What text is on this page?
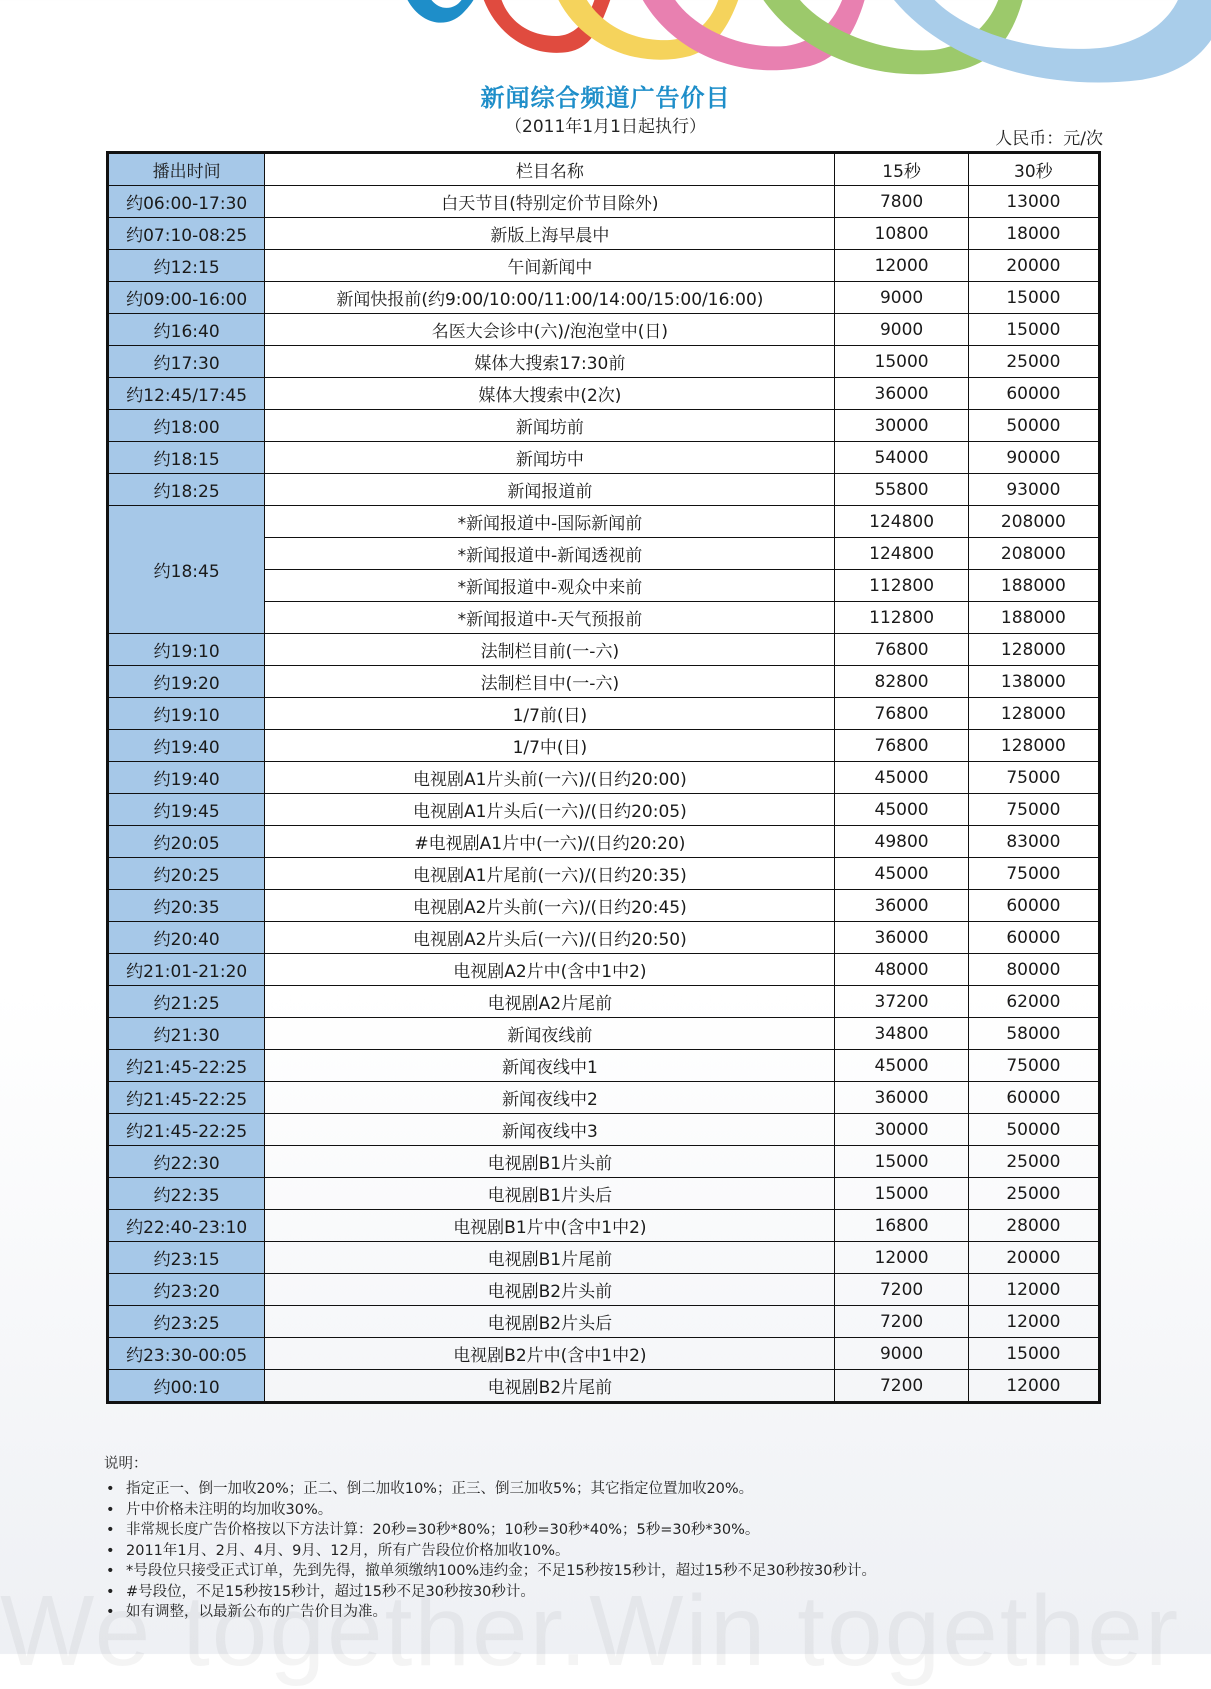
新闻综合频道广告价目
（2011年1月1日起执行）
人民币：元/次
播出时间	栏目名称	15秒	30秒
约06:00-17:30	白天节目(特别定价节目除外)	7800	13000
约07:10-08:25	新版上海早晨中	10800	18000
约12:15	午间新闻中	12000	20000
约09:00-16:00	新闻快报前(约9:00/10:00/11:00/14:00/15:00/16:00)	9000	15000
约16:40	名医大会诊中(六)/泡泡堂中(日)	9000	15000
约17:30	媒体大搜索17:30前	15000	25000
约12:45/17:45	媒体大搜索中(2次)	36000	60000
约18:00	新闻坊前	30000	50000
约18:15	新闻坊中	54000	90000
约18:25	新闻报道前	55800	93000
约18:45	*新闻报道中-国际新闻前	124800	208000
	*新闻报道中-新闻透视前	124800	208000
	*新闻报道中-观众中来前	112800	188000
	*新闻报道中-天气预报前	112800	188000
约19:10	法制栏目前(一-六)	76800	128000
约19:20	法制栏目中(一-六)	82800	138000
约19:10	1/7前(日)	76800	128000
约19:40	1/7中(日)	76800	128000
约19:40	电视剧A1片头前(一六)/(日约20:00)	45000	75000
约19:45	电视剧A1片头后(一六)/(日约20:05)	45000	75000
约20:05	#电视剧A1片中(一六)/(日约20:20)	49800	83000
约20:25	电视剧A1片尾前(一六)/(日约20:35)	45000	75000
约20:35	电视剧A2片头前(一六)/(日约20:45)	36000	60000
约20:40	电视剧A2片头后(一六)/(日约20:50)	36000	60000
约21:01-21:20	电视剧A2片中(含中1中2)	48000	80000
约21:25	电视剧A2片尾前	37200	62000
约21:30	新闻夜线前	34800	58000
约21:45-22:25	新闻夜线中1	45000	75000
约21:45-22:25	新闻夜线中2	36000	60000
约21:45-22:25	新闻夜线中3	30000	50000
约22:30	电视剧B1片头前	15000	25000
约22:35	电视剧B1片头后	15000	25000
约22:40-23:10	电视剧B1片中(含中1中2)	16800	28000
约23:15	电视剧B1片尾前	12000	20000
约23:20	电视剧B2片头前	7200	12000
约23:25	电视剧B2片头后	7200	12000
约23:30-00:05	电视剧B2片中(含中1中2)	9000	15000
约00:10	电视剧B2片尾前	7200	12000
说明：
• 指定正一、倒一加收20%；正二、倒二加收10%；正三、倒三加收5%；其它指定位置加收20%。
• 片中价格未注明的均加收30%。
• 非常规长度广告价格按以下方法计算：20秒=30秒*80%；10秒=30秒*40%；5秒=30秒*30%。
• 2011年1月、2月、4月、9月、12月，所有广告段位价格加收10%。
• *号段位只接受正式订单，先到先得，撤单须缴纳100%违约金；不足15秒按15秒计，超过15秒不足30秒按30秒计。
• #号段位，不足15秒按15秒计，超过15秒不足30秒按30秒计。
• 如有调整，以最新公布的广告价目为准。
